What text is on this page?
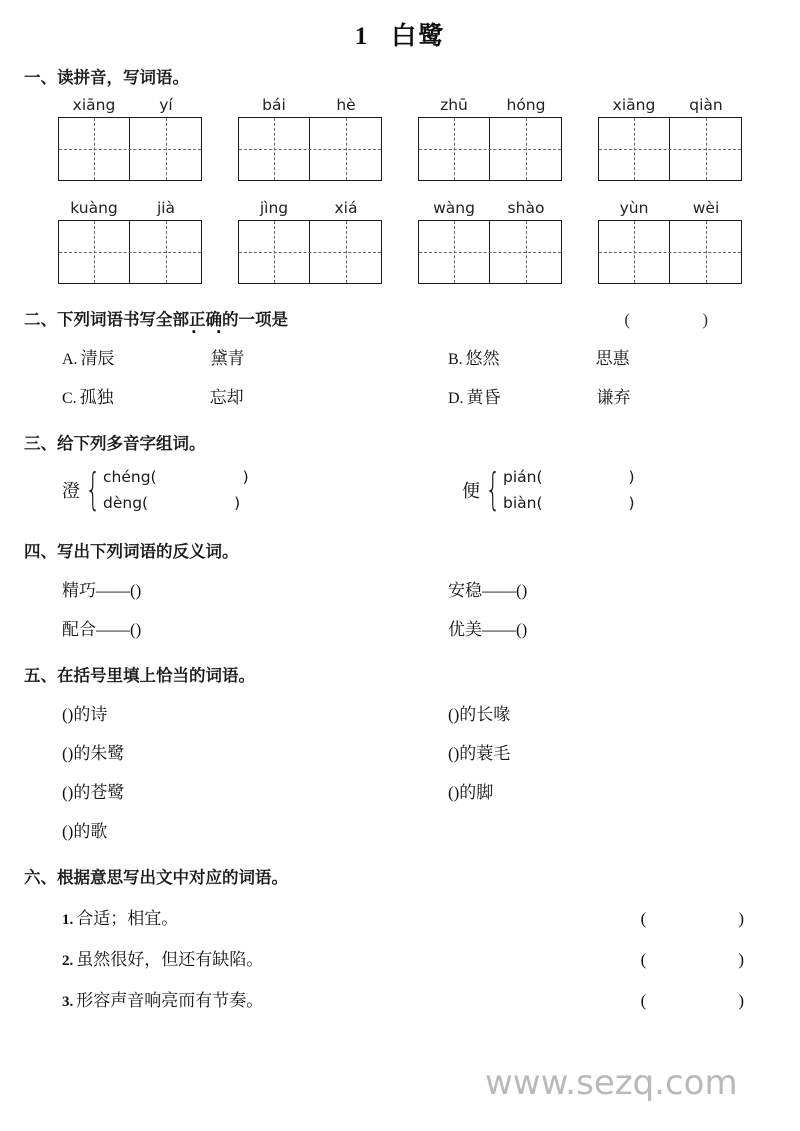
1 白鹭
一、读拼音，写词语。
xiāng	yí	bái	hè	zhū	hóng	xiāng	qiàn
kuàng	jià	jìng	xiá	wàng	shào	yùn	wèi
二、下列词语书写全部 正确 · · 的一项是	( )
A. 清辰	黛青	B. 悠然	思惠
C. 孤独	忘却	D. 黄昏	谦弃
三、给下列多音字组词。
澄 { chéng(	)
dèng(	)
便 { pián(	)
biàn(	)
四、写出下列词语的反义词。
精巧——( )	安稳——( )
配合——( )	优美——( )
五、在括号里填上恰当的词语。
( )的诗	( )的长喙
( )的朱鹭	( )的蓑毛
( )的苍鹭	( )的脚
( )的歌
六、根据意思写出文中对应的词语。
1. 合适；相宜。	(	)
2. 虽然很好，但还有缺陷。	(	)
3. 形容声音响亮而有节奏。	(	)
www.sezq.com
